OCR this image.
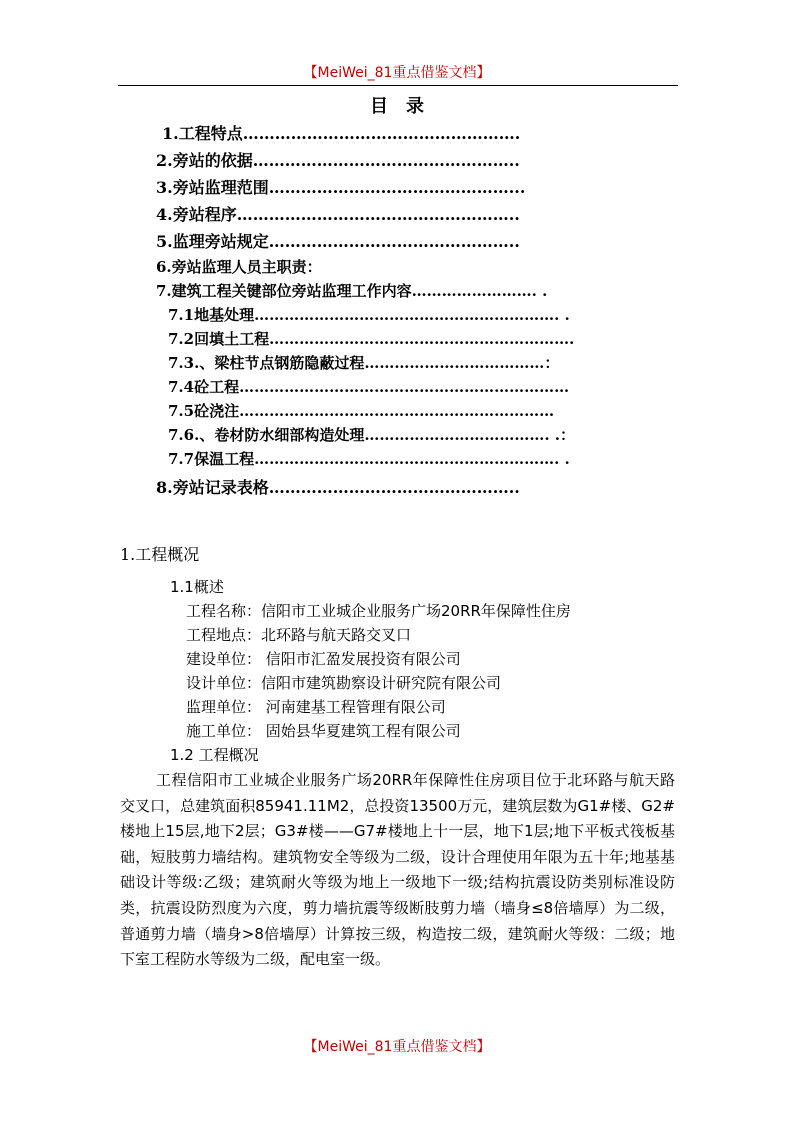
【MeiWei_81重点借鉴文档】
目　录
1.工程特点…………………………………………….
2.旁站的依据…………………………………………..
3.旁站监理范围………………………………………...
4.旁站程序……………………………………………..
5.监理旁站规定………………………………………..
6.旁站监理人员主职责：
7.建筑工程关键部位旁站监理工作内容……………………. .
7.1地基处理……………………………………………………. .
7.2回填土工程…………………………………………………….
7.3.、梁柱节点钢筋隐蔽过程………………………………：
7.4砼工程…………………………………………………………
7.5砼浇注………………………………………………………
7.6.、卷材防水细部构造处理………………………………. .：
7.7保温工程……………………………………………………. .
8.旁站记录表格………………………………………..
1.工程概况
1.1概述
工程名称：信阳市工业城企业服务广场20RR年保障性住房
工程地点：北环路与航天路交叉口
建设单位： 信阳市汇盈发展投资有限公司
设计单位：信阳市建筑勘察设计研究院有限公司
监理单位： 河南建基工程管理有限公司
施工单位： 固始县华夏建筑工程有限公司
1.2 工程概况
工程信阳市工业城企业服务广场20RR年保障性住房项目位于北环路与航天路交叉口，总建筑面积85941.11M2，总投资13500万元，建筑层数为G1#楼、G2#楼地上15层,地下2层；G3#楼——G7#楼地上十一层，地下1层;地下平板式筏板基础，短肢剪力墙结构。建筑物安全等级为二级，设计合理使用年限为五十年;地基基础设计等级:乙级；建筑耐火等级为地上一级地下一级;结构抗震设防类别标准设防类，抗震设防烈度为六度，剪力墙抗震等级断肢剪力墙（墙身≤8倍墙厚）为二级，普通剪力墙（墙身>8倍墙厚）计算按三级，构造按二级，建筑耐火等级：二级；地下室工程防水等级为二级，配电室一级。
【MeiWei_81重点借鉴文档】
